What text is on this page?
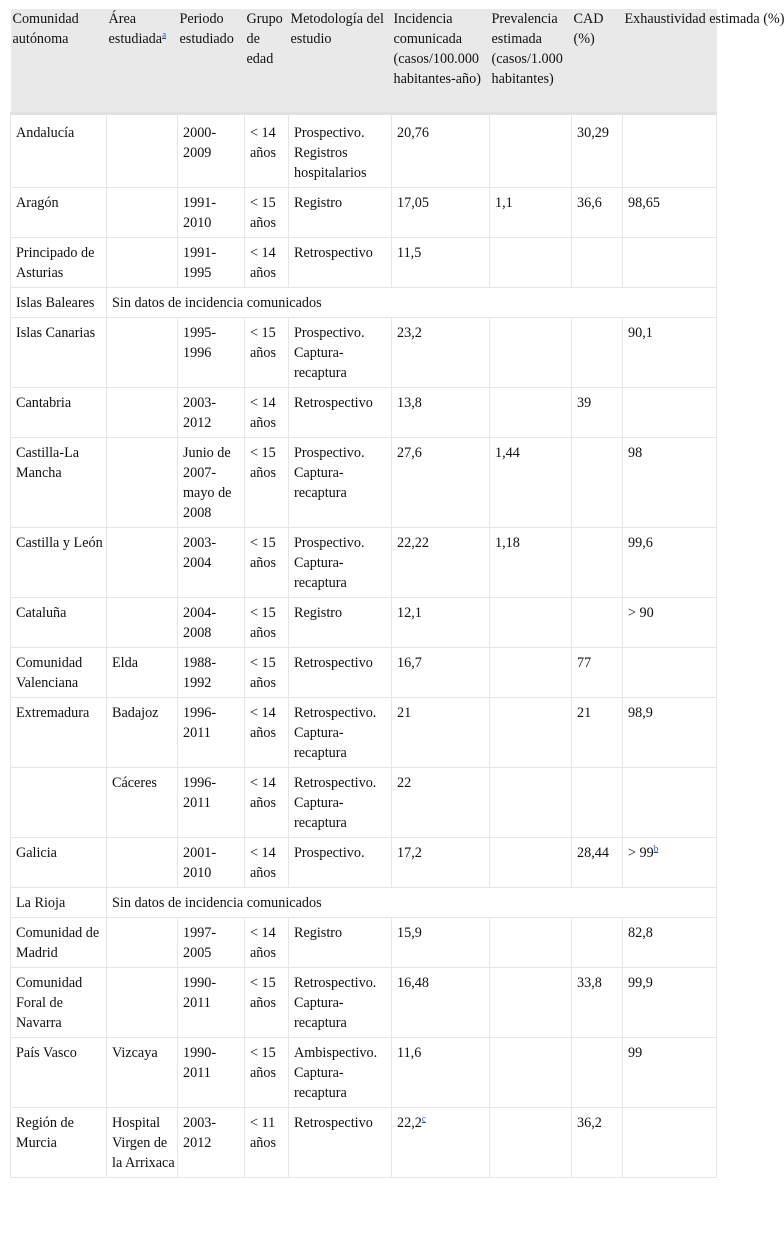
Comunidad autónoma	Área estudiada$^a$	Periodo estudiado	Grupo de edad	Metodología del estudio	Incidencia comunicada (casos/100.000 habitantes-año)	Prevalencia estimada (casos/1.000 habitantes)	CAD (%)	Exhaustividad estimada (%)
Andalucía		2000-2009	< 14 años	Prospectivo. Registros hospitalarios	20,76		30,29	
Aragón		1991-2010	< 15 años	Registro	17,05	1,1	36,6	98,65
Principado de Asturias		1991-1995	< 14 años	Retrospectivo	11,5			
Islas Baleares	Sin datos de incidencia comunicados							
Islas Canarias		1995-1996	< 15 años	Prospectivo. Captura-recaptura	23,2			90,1
Cantabria		2003-2012	< 14 años	Retrospectivo	13,8		39	
Castilla-La Mancha		Junio de 2007-mayo de 2008	< 15 años	Prospectivo. Captura-recaptura	27,6	1,44		98
Castilla y León		2003-2004	< 15 años	Prospectivo. Captura-recaptura	22,22	1,18		99,6
Cataluña		2004-2008	< 15 años	Registro	12,1			> 90
Comunidad Valenciana	Elda	1988-1992	< 15 años	Retrospectivo	16,7		77	
Extremadura	Badajoz	1996-2011	< 14 años	Retrospectivo. Captura-recaptura	21		21	98,9
	Cáceres	1996-2011	< 14 años	Retrospectivo. Captura-recaptura	22			
Galicia		2001-2010	< 14 años	Prospectivo.	17,2		28,44	> 99$^b$
La Rioja	Sin datos de incidencia comunicados							
Comunidad de Madrid		1997-2005	< 14 años	Registro	15,9			82,8
Comunidad Foral de Navarra		1990-2011	< 15 años	Retrospectivo. Captura-recaptura	16,48		33,8	99,9
País Vasco	Vizcaya	1990-2011	< 15 años	Ambispectivo. Captura-recaptura	11,6			99
Región de Murcia	Hospital Virgen de la Arrixaca	2003-2012	< 11 años	Retrospectivo	22,2$^c$		36,2	
